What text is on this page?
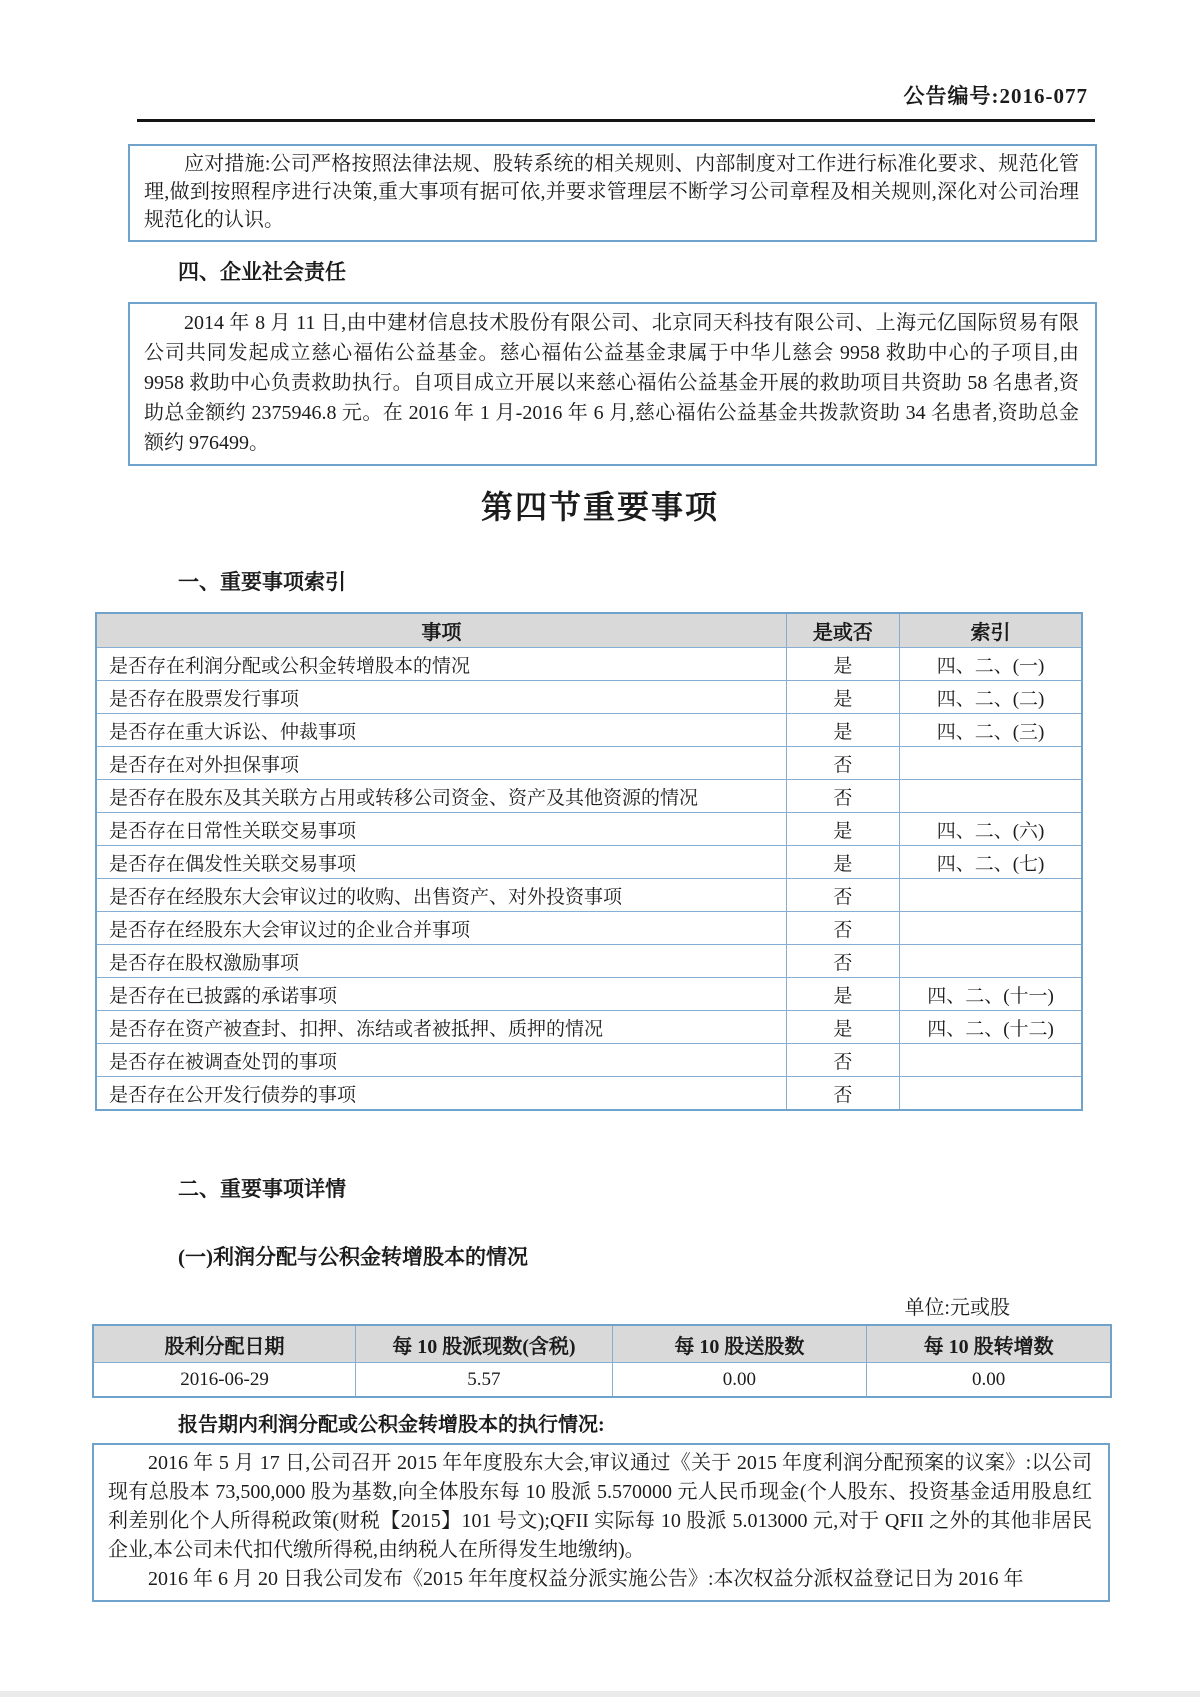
公告编号:2016-077

应对措施:公司严格按照法律法规、股转系统的相关规则、内部制度对工作进行标准化要求、规范化管理,做到按照程序进行决策,重大事项有据可依,并要求管理层不断学习公司章程及相关规则,深化对公司治理规范化的认识。

四、企业社会责任

2014 年 8 月 11 日,由中建材信息技术股份有限公司、北京同天科技有限公司、上海元亿国际贸易有限公司共同发起成立慈心福佑公益基金。慈心福佑公益基金隶属于中华儿慈会 9958 救助中心的子项目,由 9958 救助中心负责救助执行。自项目成立开展以来慈心福佑公益基金开展的救助项目共资助 58 名患者,资助总金额约 2375946.8 元。在 2016 年 1 月-2016 年 6 月,慈心福佑公益基金共拨款资助 34 名患者,资助总金额约 976499。

第四节重要事项
一、重要事项索引
事项	是或否	索引
是否存在利润分配或公积金转增股本的情况	是	四、二、(一)
是否存在股票发行事项	是	四、二、(二)
是否存在重大诉讼、仲裁事项	是	四、二、(三)
是否存在对外担保事项	否	
是否存在股东及其关联方占用或转移公司资金、资产及其他资源的情况	否	
是否存在日常性关联交易事项	是	四、二、(六)
是否存在偶发性关联交易事项	是	四、二、(七)
是否存在经股东大会审议过的收购、出售资产、对外投资事项	否	
是否存在经股东大会审议过的企业合并事项	否	
是否存在股权激励事项	否	
是否存在已披露的承诺事项	是	四、二、(十一)
是否存在资产被查封、扣押、冻结或者被抵押、质押的情况	是	四、二、(十二)
是否存在被调查处罚的事项	否	
是否存在公开发行债券的事项	否	
二、重要事项详情
(一)利润分配与公积金转增股本的情况
单位:元或股
股利分配日期	每 10 股派现数(含税)	每 10 股送股数	每 10 股转增数
2016-06-29	5.57	0.00	0.00
报告期内利润分配或公积金转增股本的执行情况:

2016 年 5 月 17 日,公司召开 2015 年年度股东大会,审议通过《关于 2015 年度利润分配预案的议案》:以公司现有总股本 73,500,000 股为基数,向全体股东每 10 股派 5.570000 元人民币现金(个人股东、投资基金适用股息红利差别化个人所得税政策(财税【2015】101 号文);QFII 实际每 10 股派 5.013000 元,对于 QFII 之外的其他非居民企业,本公司未代扣代缴所得税,由纳税人在所得发生地缴纳)。

2016 年 6 月 20 日我公司发布《2015 年年度权益分派实施公告》:本次权益分派权益登记日为 2016 年
